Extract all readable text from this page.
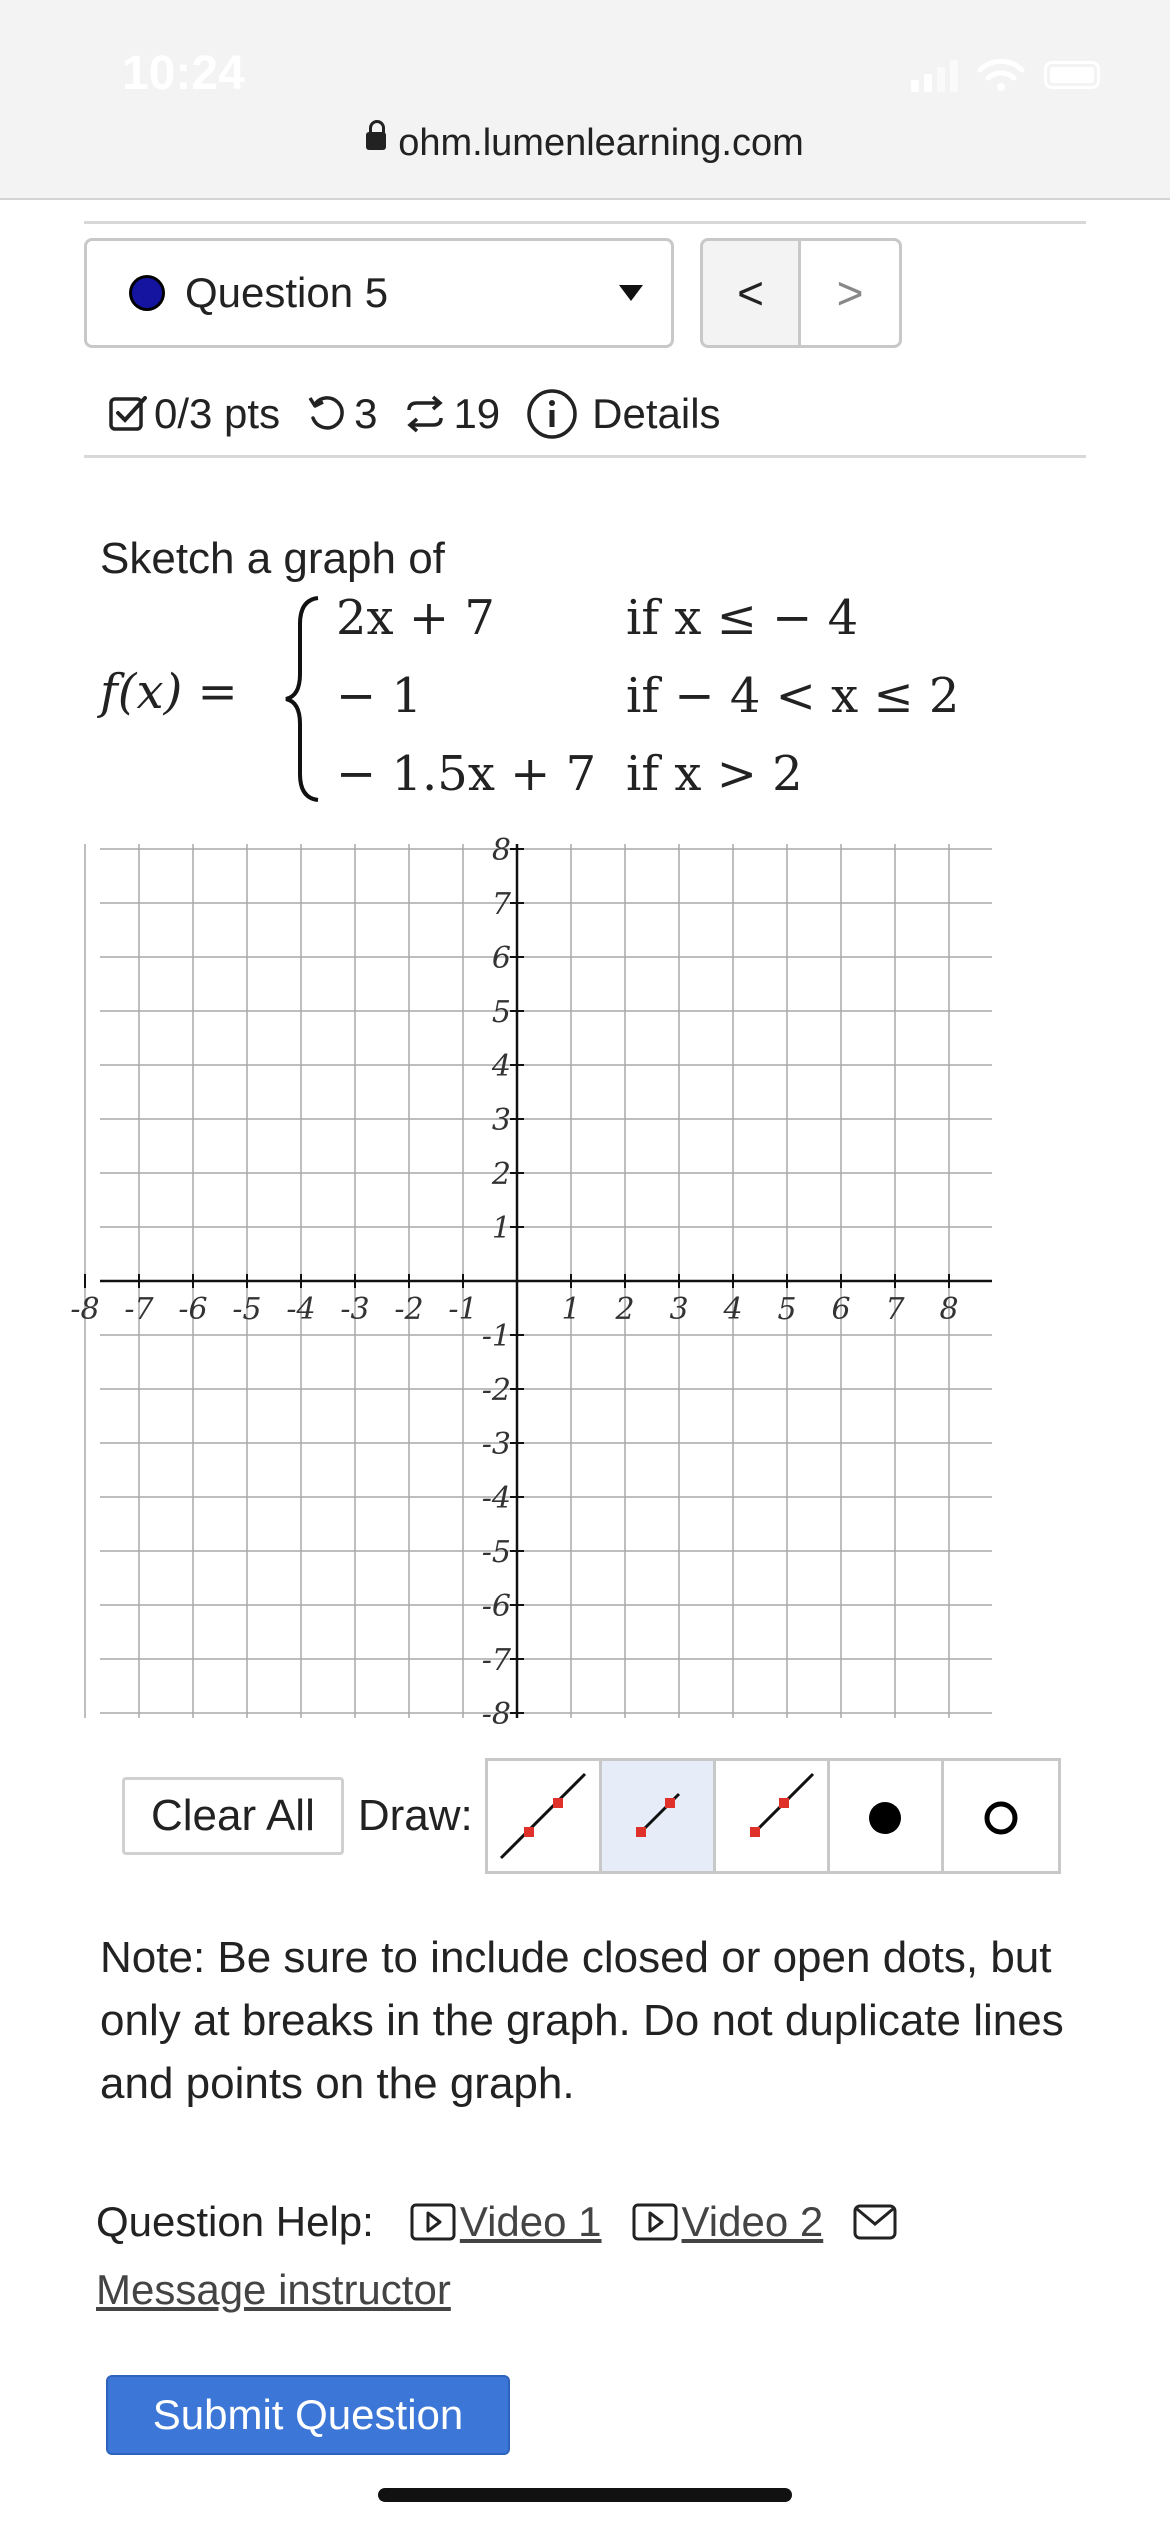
10:24
ohm.lumenlearning.com
Question 5	<	>
0/3 pts 3 19 Details
Sketch a graph of
f(x) =
2x + 7	if x ≤ − 4
− 1	if − 4 < x ≤ 2
− 1.5x + 7 if x > 2
-8 -7 -6 -5 -4 -3 -2 -1	1 2 3 4 5 6 7 8
8
7
6
5
4
3
2
1
-1
-2
-3
-4
-5
-6
-7
-8
Clear All Draw:
Note: Be sure to include closed or open dots, but only at breaks in the graph. Do not duplicate lines and points on the graph.
Question Help: Video 1 Video 2
Message instructor
Submit Question
